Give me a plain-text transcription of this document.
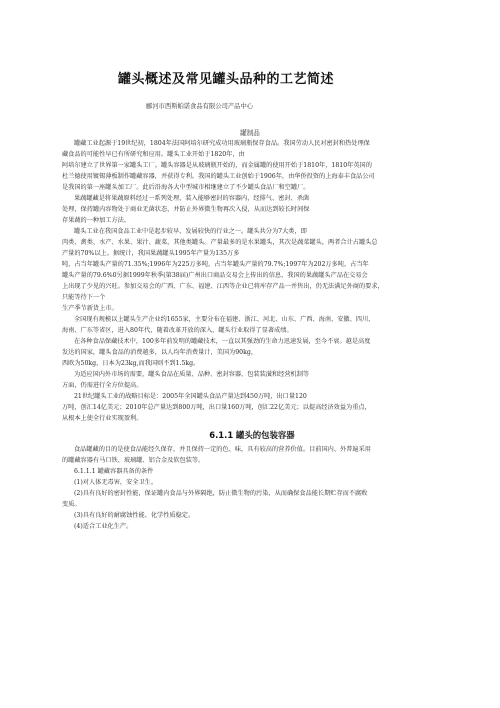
罐头概述及常见罐头品种的工艺简述
郦河市西斯帕诺食品有限公司产品中心
罐制品

罐藏工业起源于19世纪初，1804年法国阿培尔研究成功用玻璃瓶保存食品。我国劳动人民对密封和热处理保
藏食品的可能性早已有所研究和应用。罐头工业开始于1820年，由

阿培尔建立了世界第一家罐头工厂。罐头容器是从玻璃瓶开始的，而金属罐的使用开始于1810年，1810年英国的
杜兰德使用镀锡薄板制作罐藏容器，并获得专利。我国的罐头工业创始于1906年，由华侨投资的上海泰丰食品公司
是我国的第一座罐头加工厂。此后沿海各大中型城市相继建立了不少罐头食品厂和空罐厂。

果蔬罐藏是将果蔬原料经过一系列处理，装入能够密封的容器内，经排气、密封、杀菌
处理，保持罐内容物处于商业无菌状态，并防止外界微生物再次入侵，从而达到较长时间保
存果蔬的一种加工方法。

罐头工业在我国食品工业中是起步较早、发展较快的行业之一。罐头共分为7大类，即
肉类、禽类、水产、水果、果汁、蔬菜、其他类罐头。产量最多的是水果罐头，其次是蔬菜罐头，两者合计占罐头总
产量的70%以上。据统计，我国果蔬罐头1995年产量为135万多
吨，占当年罐头产量的71.35%;1996年为225万多吨，占当年罐头产量的79.7%;1997年为202万多吨，占当年
罐头产量的79.6%0另据1999年秋季(第38届)广州出口商品交易会上传出的信息，我国的果蔬罐头产品在交易会
上出现了少见的兴旺。参加交易会的广西、广东、福建、江西等企业已将库存产品一并售出，仍无法满足外商的要求，
只能等待下一个
生产季节新货上市。

全国现有规模以上罐头生产企业约1655家，主要分布在福建、浙江、河北、山东、广西、海南、安徽、四川、
海南、广东等省区，进入80年代，随着改革开放的深入，罐头行业取得了显著成绩。

在各种食品保藏技术中，100多年前发明的罐藏技术，一直以其强劲的生命力迅速发展，至今不衰。越是高度
发达的国家，罐头食品的消费越多，以人均年消费量计，美国为90kg，
西欧为50kg，日本为23kg,而我国则不到1.5kg。

为适应国内外市场的需要，罐头食品在质量、品种、密封容器、包装装潢和经营机制等
方面，仍需进行全方位提高。

21世纪罐头工业的战略目标是：2005年全国罐头食品产量达到450万吨，出口量120
万吨，创汇14亿美元；2010年总产量达到800万吨，出口量160万吨，创汇22亿美元；以提高经济效益为重点，
从根本上使全行业实现盈利。

6.1.1 罐头的包装容器

食品罐藏的目的是使食品能经久保存，并且保持一定的色、味，具有较高的营养价值。目前国内、外普遍采用
的罐藏容器有马口铁、玻璃罐、铝合金及软包装等。

6.1.1.1 罐藏容器具备的条件

(1)对人体无毒害，安全卫生。

(2)具有良好的密封性能，保证罐内食品与外界隔绝，防止微生物的污染，从而确保食品能长期贮存而不腐败
变质。

(3)具有良好的耐腐蚀性能、化学性质稳定。

(4)适合工业化生产。
